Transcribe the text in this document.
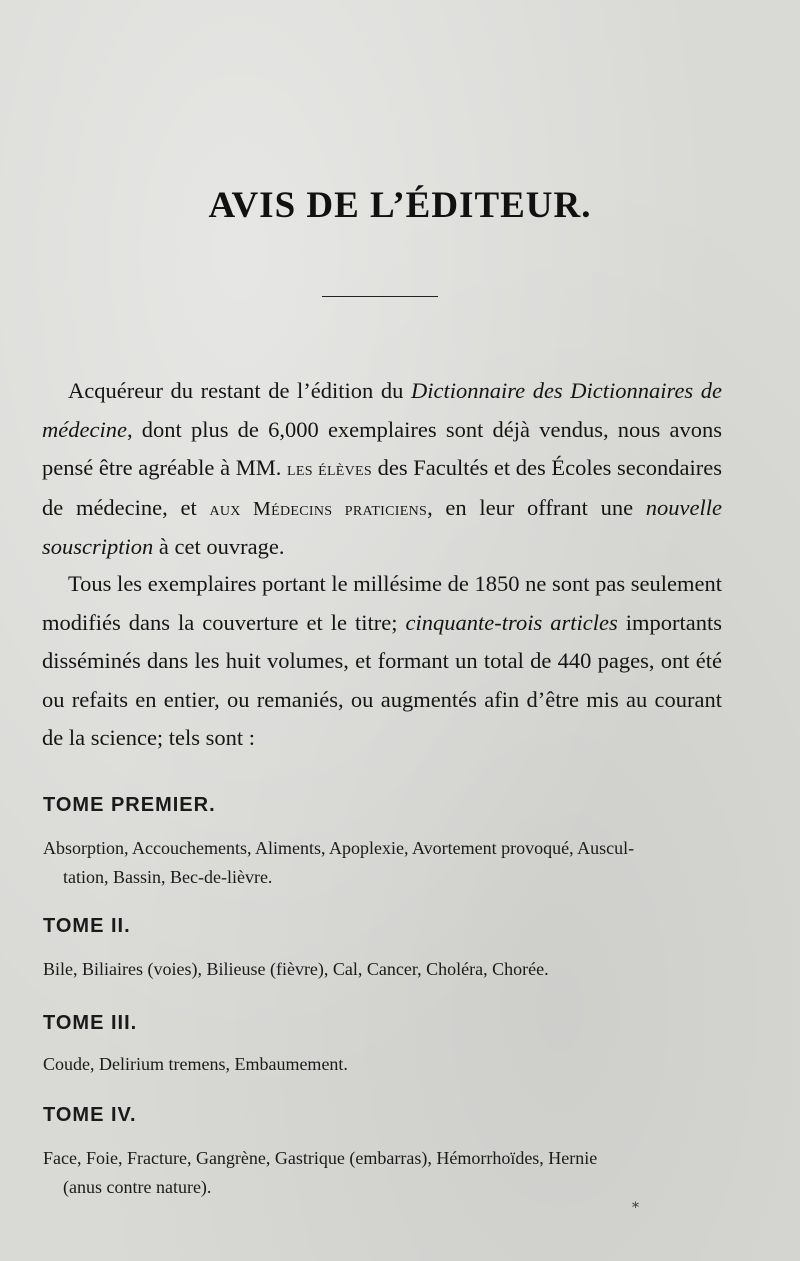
AVIS DE L’ÉDITEUR.

Acquéreur du restant de l’édition du Dictionnaire des Dictionnaires de médecine, dont plus de 6,000 exemplaires sont déjà vendus, nous avons pensé être agréable à MM. les élèves des Facultés et des Écoles secondaires de médecine, et aux Médecins praticiens, en leur offrant une nouvelle souscription à cet ouvrage.

Tous les exemplaires portant le millésime de 1850 ne sont pas seulement modifiés dans la couverture et le titre; cinquante-trois articles importants disséminés dans les huit volumes, et formant un total de 440 pages, ont été ou refaits en entier, ou remaniés, ou augmentés afin d’être mis au courant de la science; tels sont :

TOME PREMIER.
Absorption, Accouchements, Aliments, Apoplexie, Avortement provoqué, Auscul-
tation, Bassin, Bec-de-lièvre.
TOME II.
Bile, Biliaires (voies), Bilieuse (fièvre), Cal, Cancer, Choléra, Chorée.
TOME III.
Coude, Delirium tremens, Embaumement.
TOME IV.
Face, Foie, Fracture, Gangrène, Gastrique (embarras), Hémorrhoïdes, Hernie
(anus contre nature).
*
